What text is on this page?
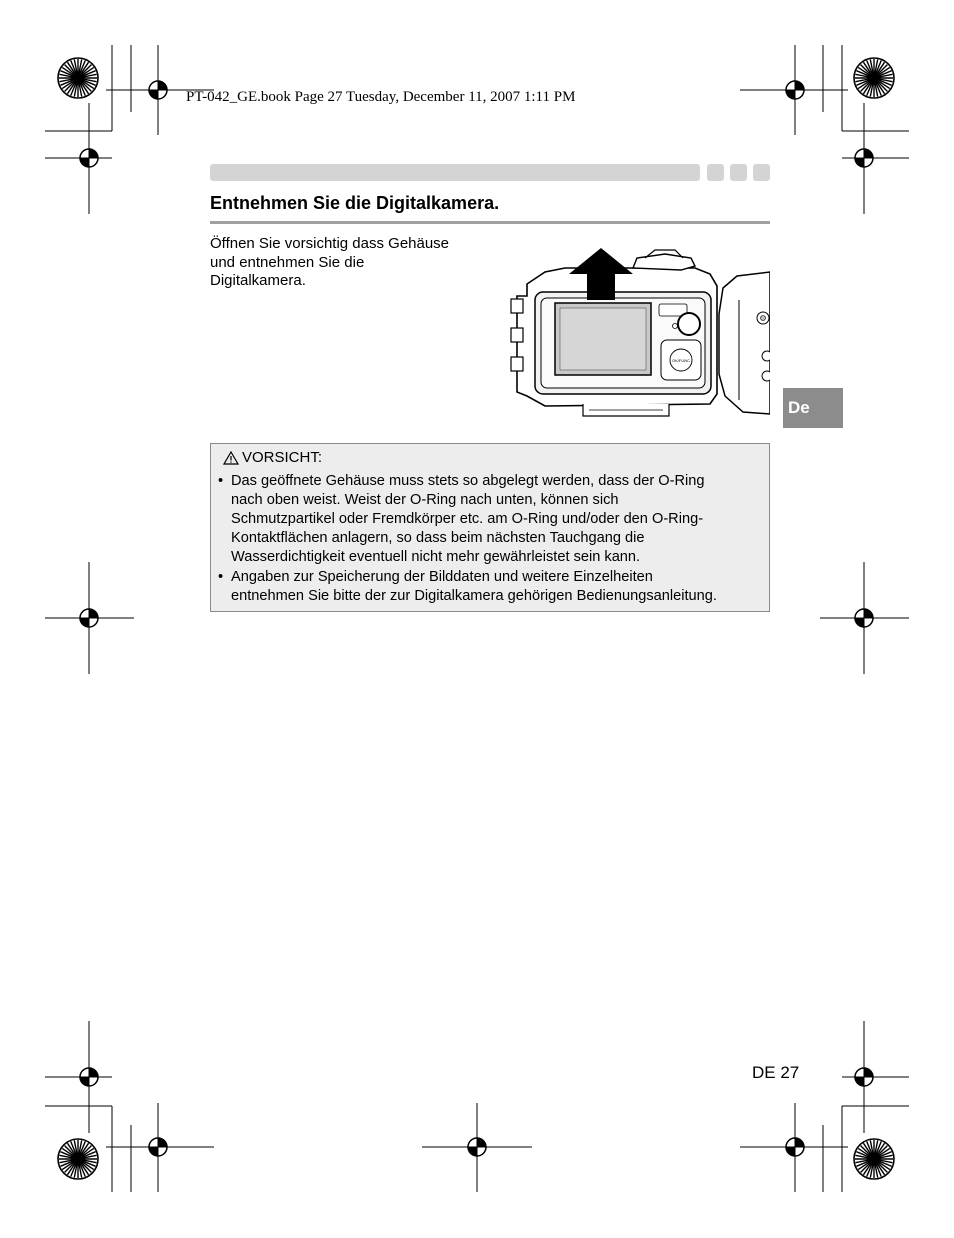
PT-042_GE.book Page 27 Tuesday, December 11, 2007 1:11 PM
Entnehmen Sie die Digitalkamera.
Öffnen Sie vorsichtig dass Gehäuse
und entnehmen Sie die
Digitalkamera.
OK/FUNC
De
VORSICHT:
• Das geöffnete Gehäuse muss stets so abgelegt werden, dass der O-Ring
nach oben weist. Weist der O-Ring nach unten, können sich
Schmutzpartikel oder Fremdkörper etc. am O-Ring und/oder den O-Ring-
Kontaktflächen anlagern, so dass beim nächsten Tauchgang die
Wasserdichtigkeit eventuell nicht mehr gewährleistet sein kann.
• Angaben zur Speicherung der Bilddaten und weitere Einzelheiten
entnehmen Sie bitte der zur Digitalkamera gehörigen Bedienungsanleitung.
DE 27
